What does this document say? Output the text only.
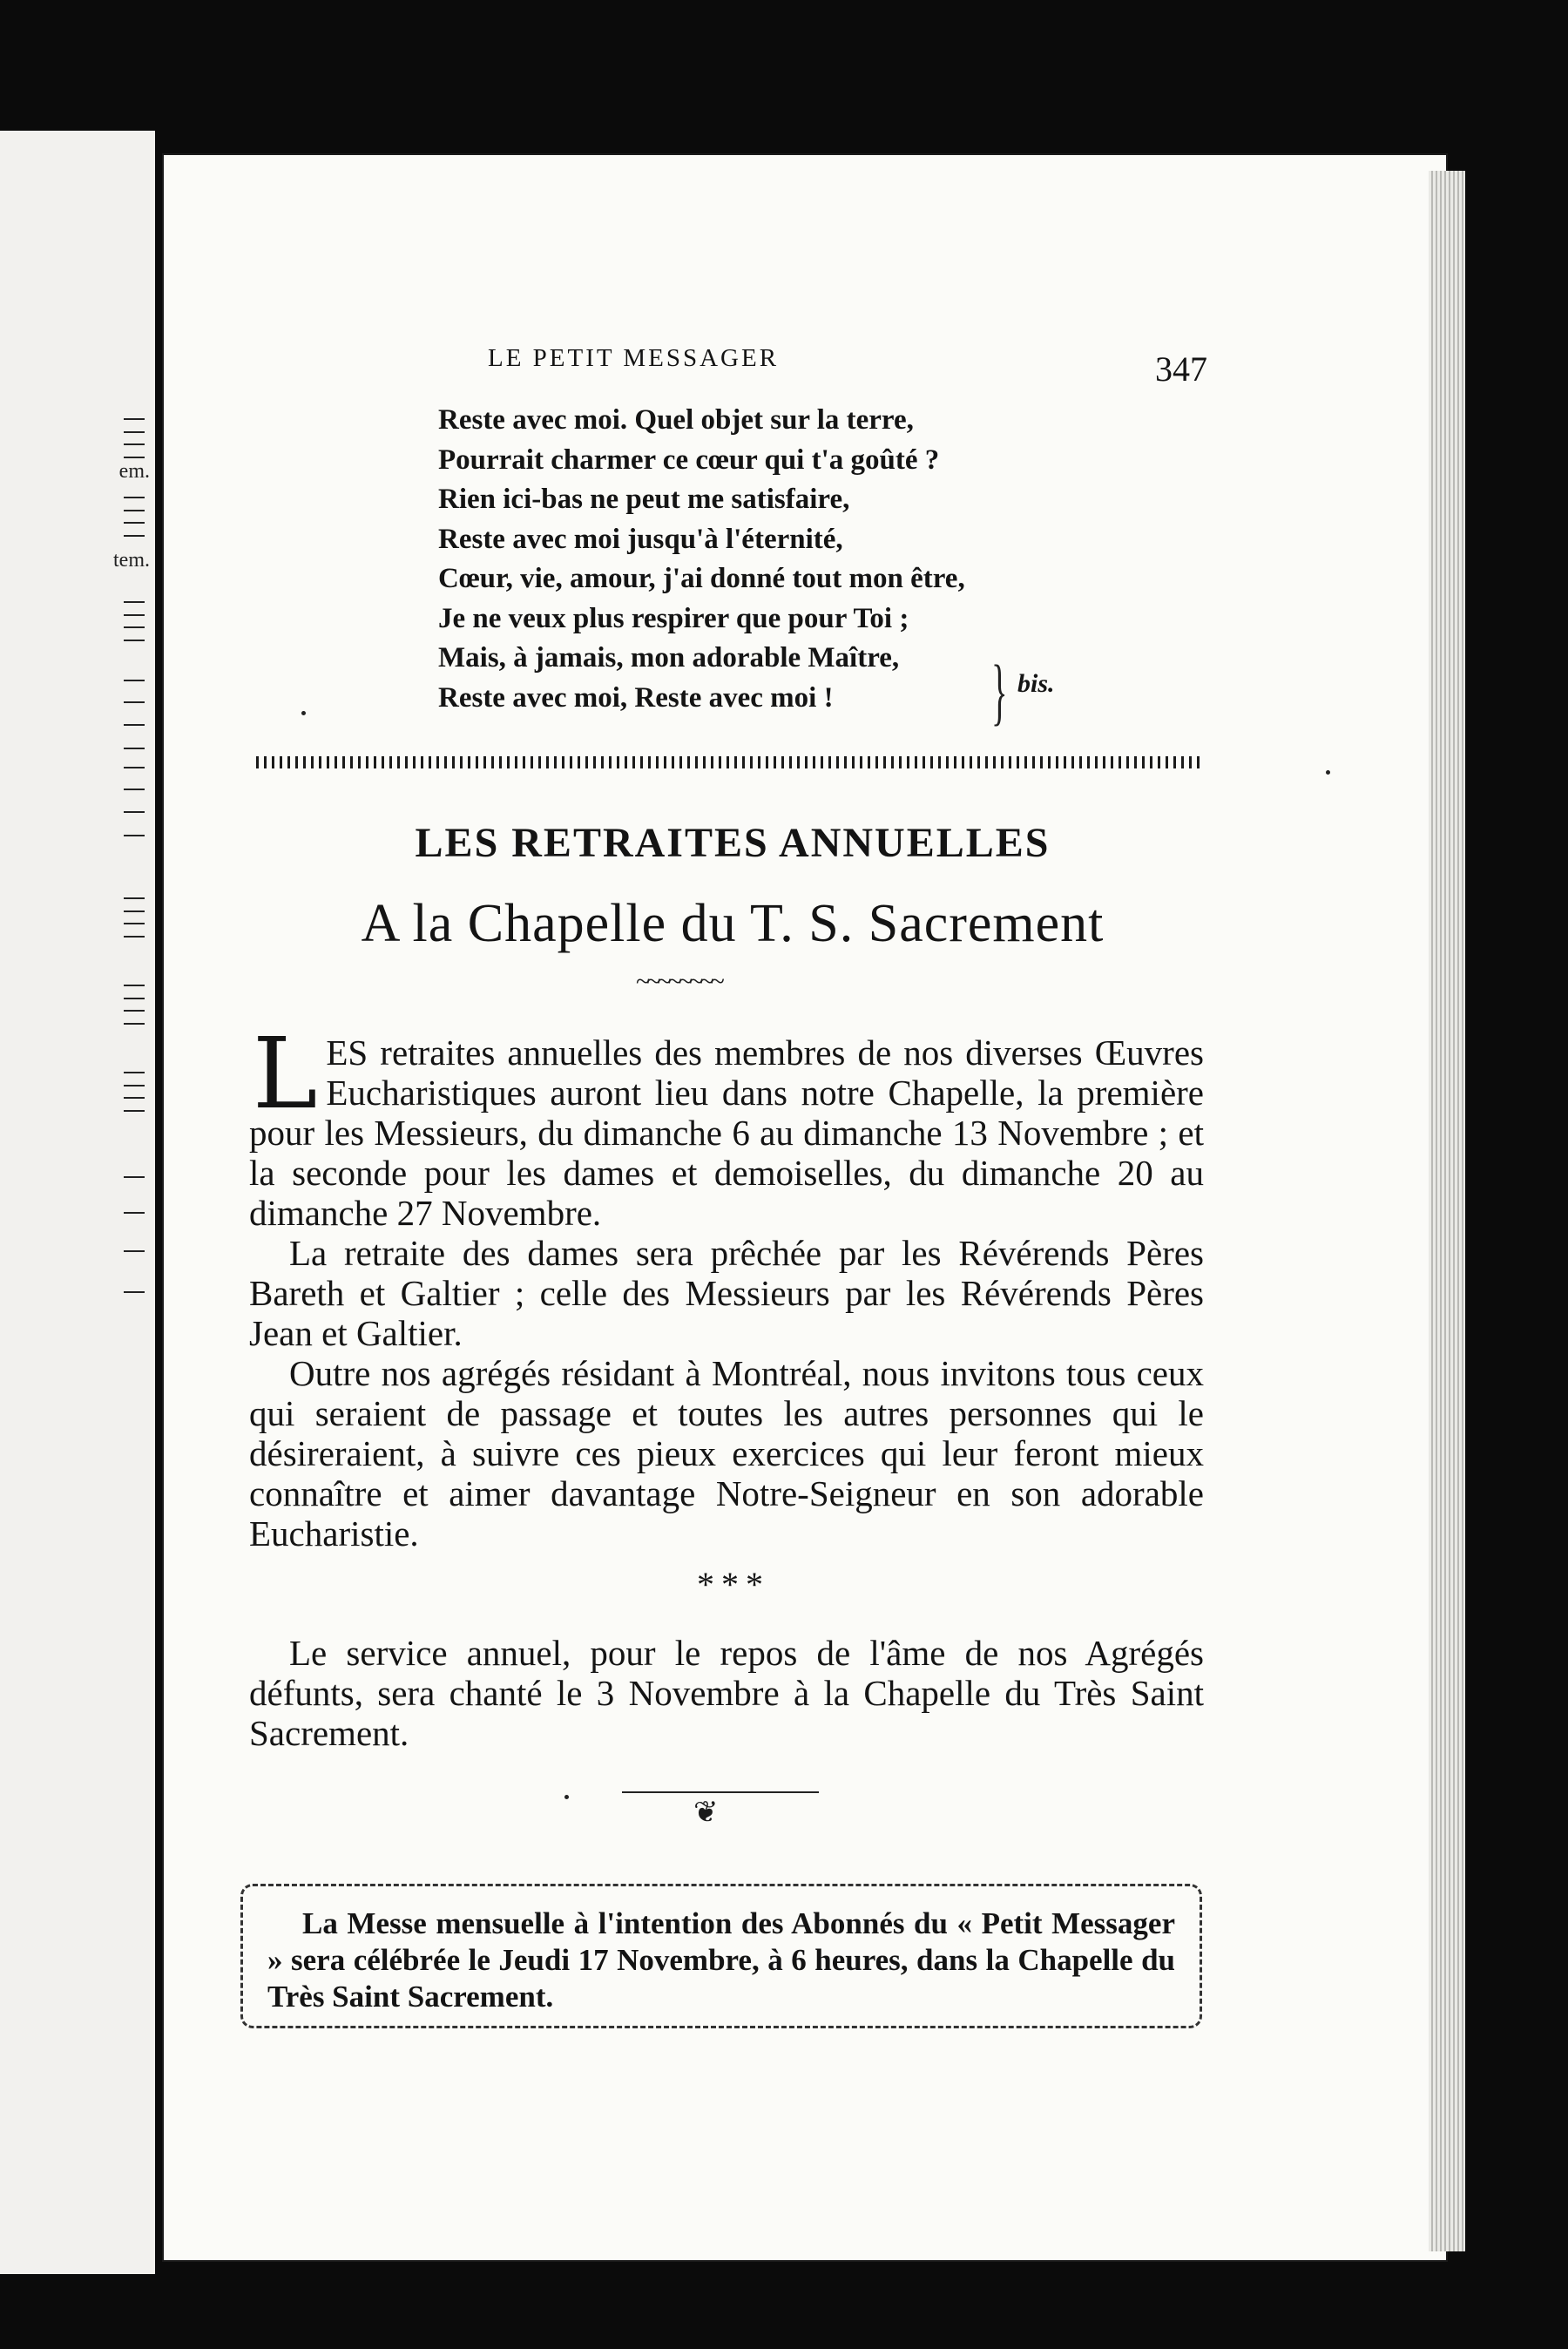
em.
tem.
LE PETIT MESSAGER	347
Reste avec moi. Quel objet sur la terre,
Pourrait charmer ce cœur qui t'a goûté ?
Rien ici-bas ne peut me satisfaire,
Reste avec moi jusqu'à l'éternité,
Cœur, vie, amour, j'ai donné tout mon être,
Je ne veux plus respirer que pour Toi ;
Mais, à jamais, mon adorable Maître,
Reste avec moi, Reste avec moi !	} bis.
LES RETRAITES ANNUELLES
A la Chapelle du T. S. Sacrement
~~~~~~~~

LES retraites annuelles des membres de nos diverses Œuvres Eucharistiques auront lieu dans notre Chapelle, la première pour les Messieurs, du dimanche 6 au dimanche 13 Novembre ; et la seconde pour les dames et demoiselles, du dimanche 20 au dimanche 27 Novembre.

La retraite des dames sera prêchée par les Révérends Pères Bareth et Galtier ; celle des Messieurs par les Révérends Pères Jean et Galtier.

Outre nos agrégés résidant à Montréal, nous invitons tous ceux qui seraient de passage et toutes les autres personnes qui le désireraient, à suivre ces pieux exercices qui leur feront mieux connaître et aimer davantage Notre-Seigneur en son adorable Eucharistie.

* * *

Le service annuel, pour le repos de l'âme de nos Agrégés défunts, sera chanté le 3 Novembre à la Chapelle du Très Saint Sacrement.

❦

La Messe mensuelle à l'intention des Abonnés du « Petit Messager » sera célébrée le Jeudi 17 Novembre, à 6 heures, dans la Chapelle du Très Saint Sacrement.
